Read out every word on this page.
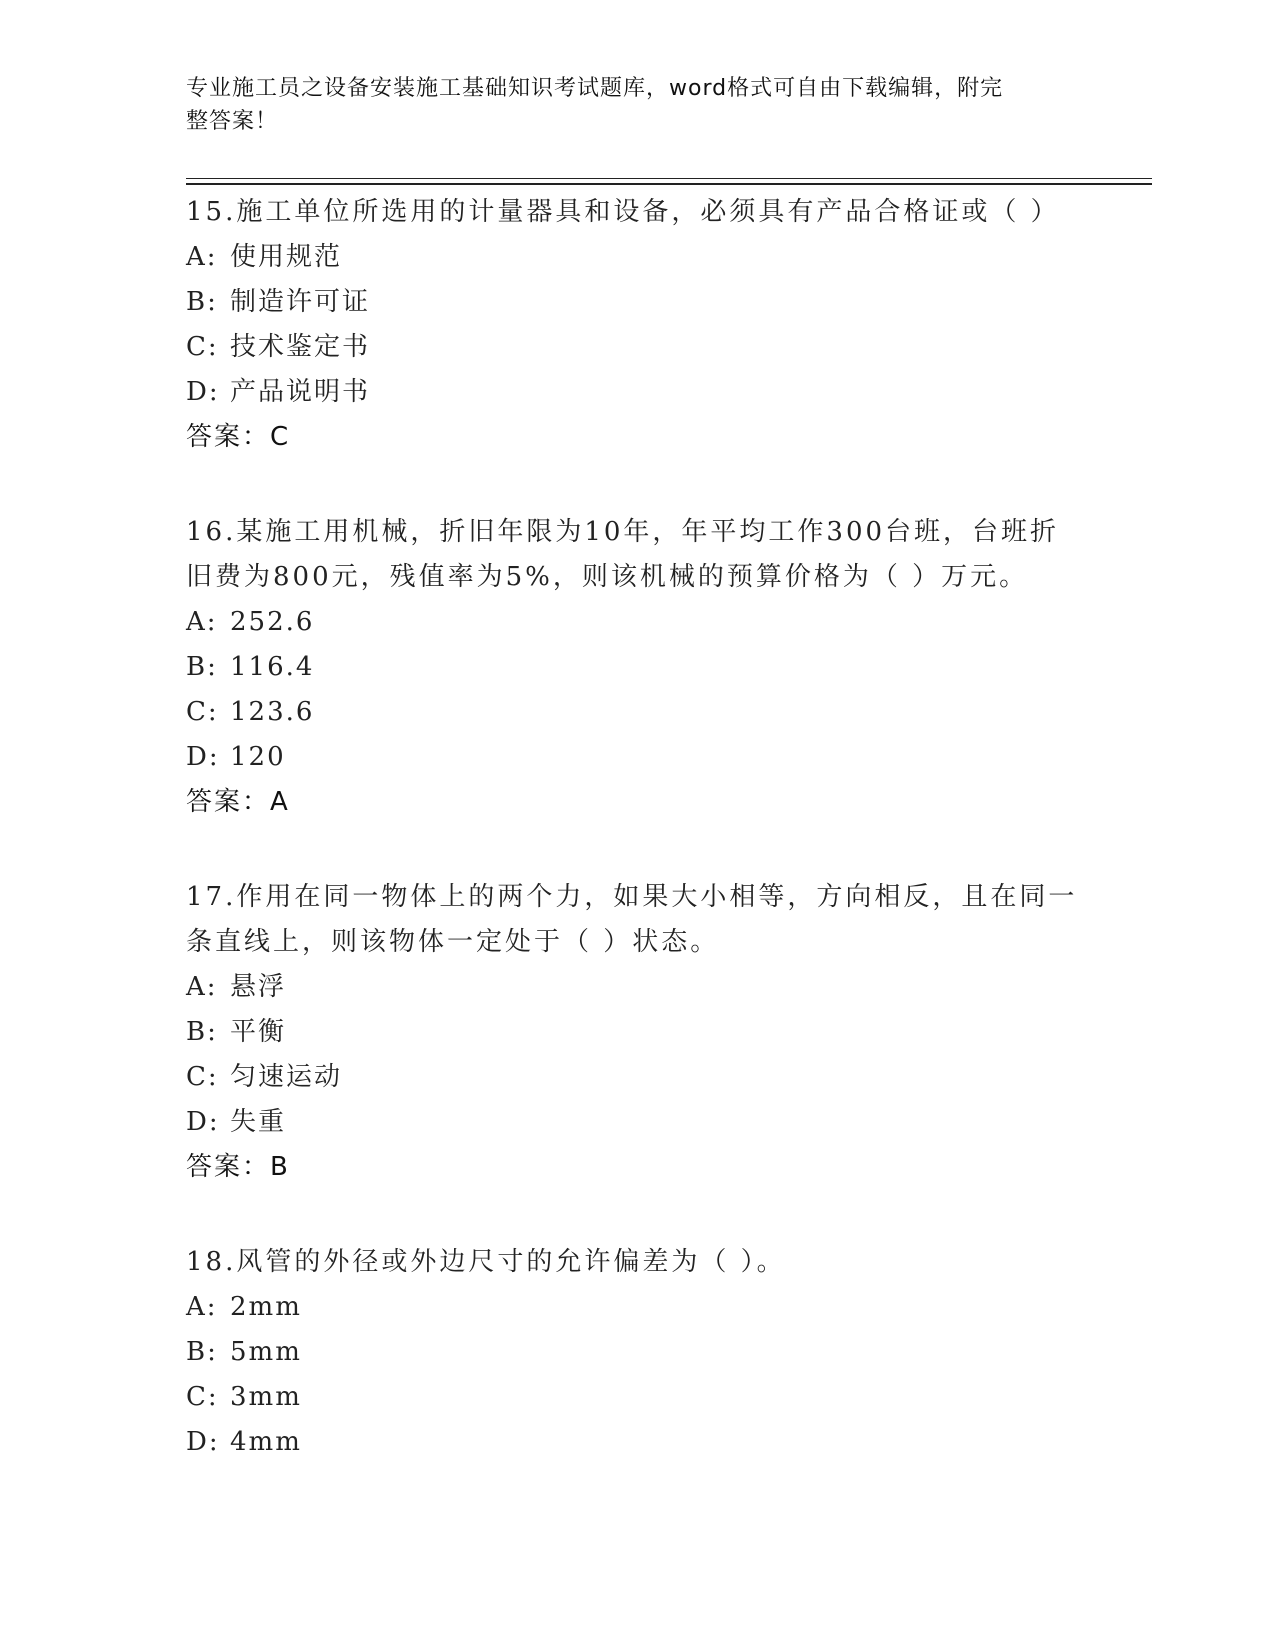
专业施工员之设备安装施工基础知识考试题库，word格式可自由下载编辑，附完
整答案！

15.施工单位所选用的计量器具和设备，必须具有产品合格证或（ ）

A: 使用规范

B: 制造许可证

C: 技术鉴定书

D: 产品说明书

答案：C

16.某施工用机械，折旧年限为10年，年平均工作300台班，台班折旧费为800元，残值率为5%，则该机械的预算价格为（ ）万元。

A: 252.6

B: 116.4

C: 123.6

D: 120

答案：A

17.作用在同一物体上的两个力，如果大小相等，方向相反，且在同一条直线上，则该物体一定处于（ ）状态。

A: 悬浮

B: 平衡

C: 匀速运动

D: 失重

答案：B

18.风管的外径或外边尺寸的允许偏差为（ ）。

A: 2mm

B: 5mm

C: 3mm

D: 4mm
